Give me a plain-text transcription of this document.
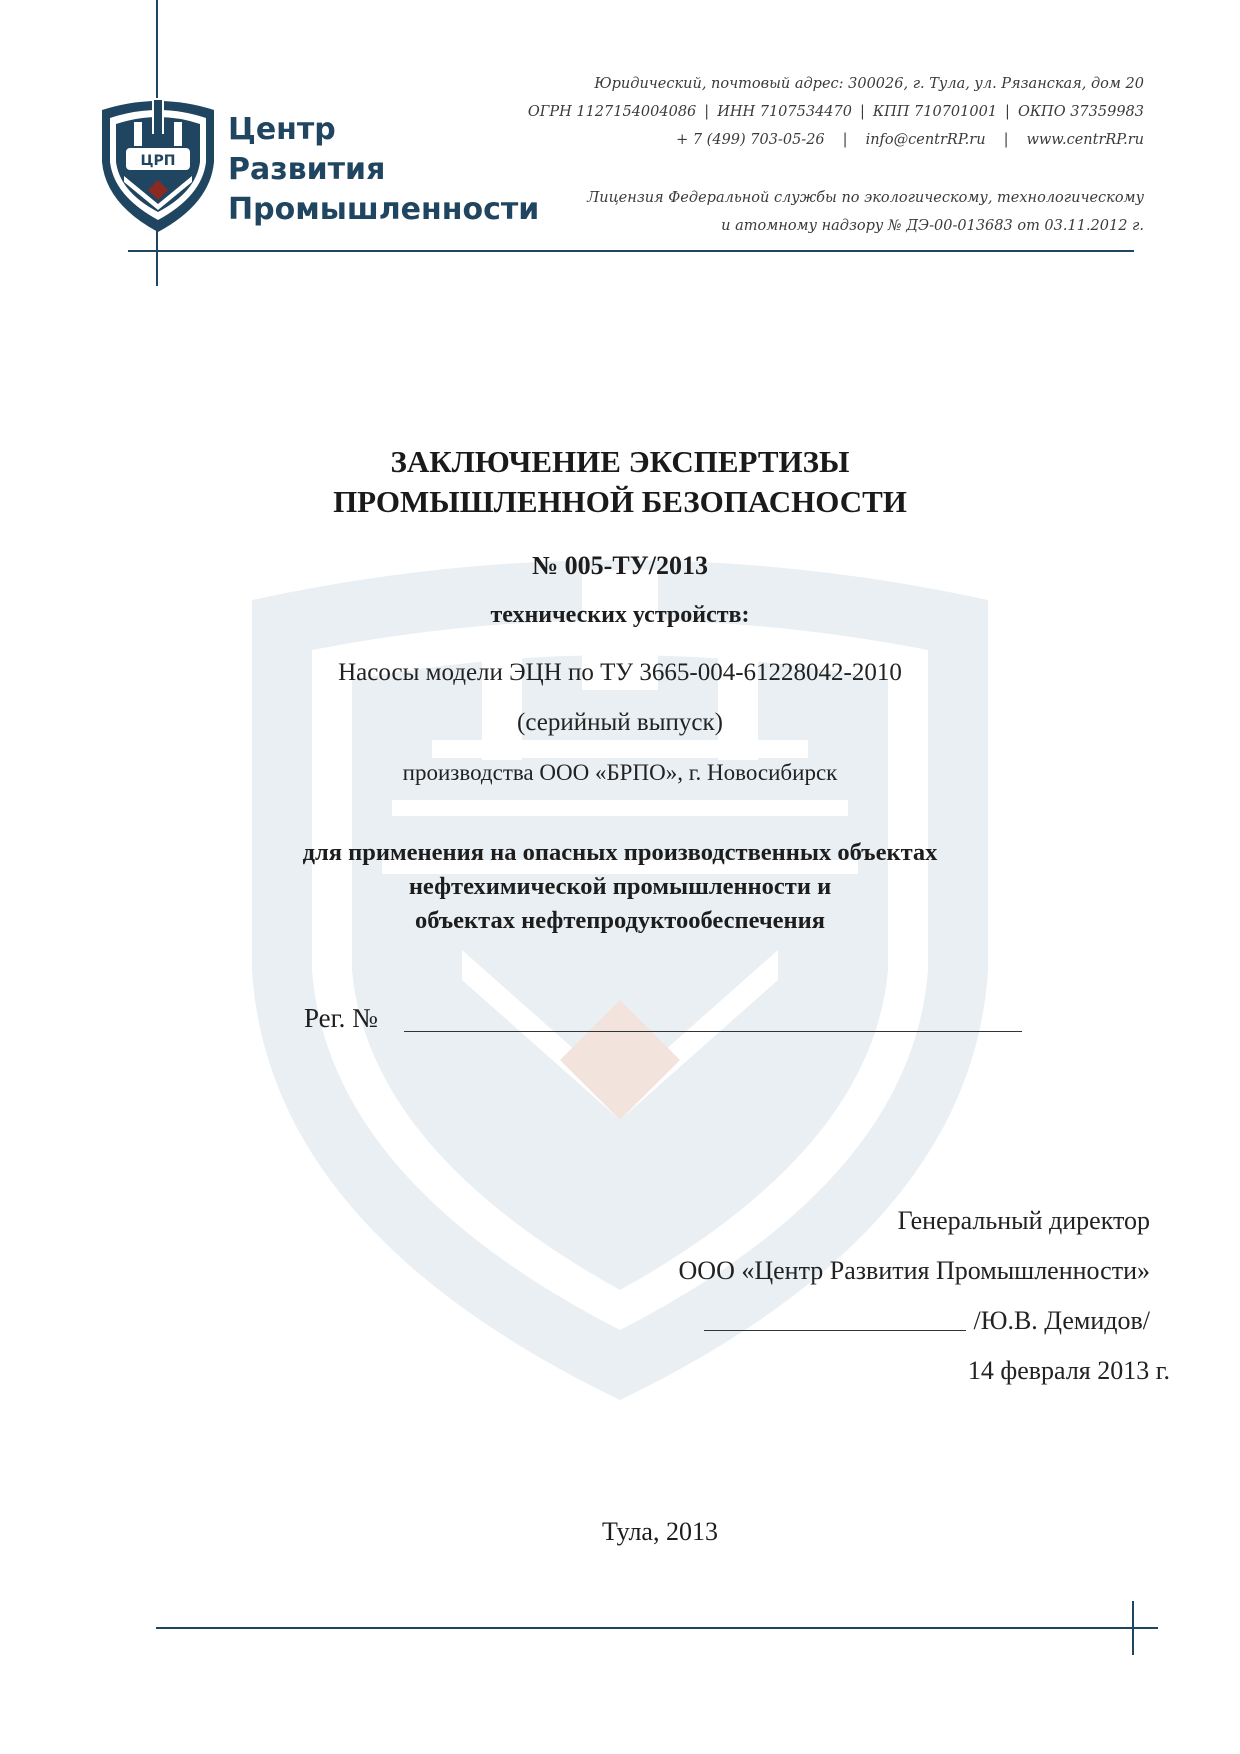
ЦРП
Центр
Развития
Промышленности
Юридический, почтовый адрес: 300026, г. Тула, ул. Рязанская, дом 20
ОГРН 1127154004086 | ИНН 7107534470 | КПП 710701001 | ОКПО 37359983
+ 7 (499) 703-05-26 | info@centrRP.ru | www.centrRP.ru
Лицензия Федеральной службы по экологическому, технологическому
и атомному надзору № ДЭ-00-013683 от 03.11.2012 г.
ЗАКЛЮЧЕНИЕ ЭКСПЕРТИЗЫ
ПРОМЫШЛЕННОЙ БЕЗОПАСНОСТИ
№ 005-ТУ/2013
технических устройств:
Насосы модели ЭЦН по ТУ 3665-004-61228042-2010
(серийный выпуск)
производства ООО «БРПО», г. Новосибирск
для применения на опасных производственных объектах
нефтехимической промышленности и
объектах нефтепродуктообеспечения
Рег. №
Генеральный директор
ООО «Центр Развития Промышленности»
/Ю.В. Демидов/
14 февраля 2013 г.
Тула, 2013
